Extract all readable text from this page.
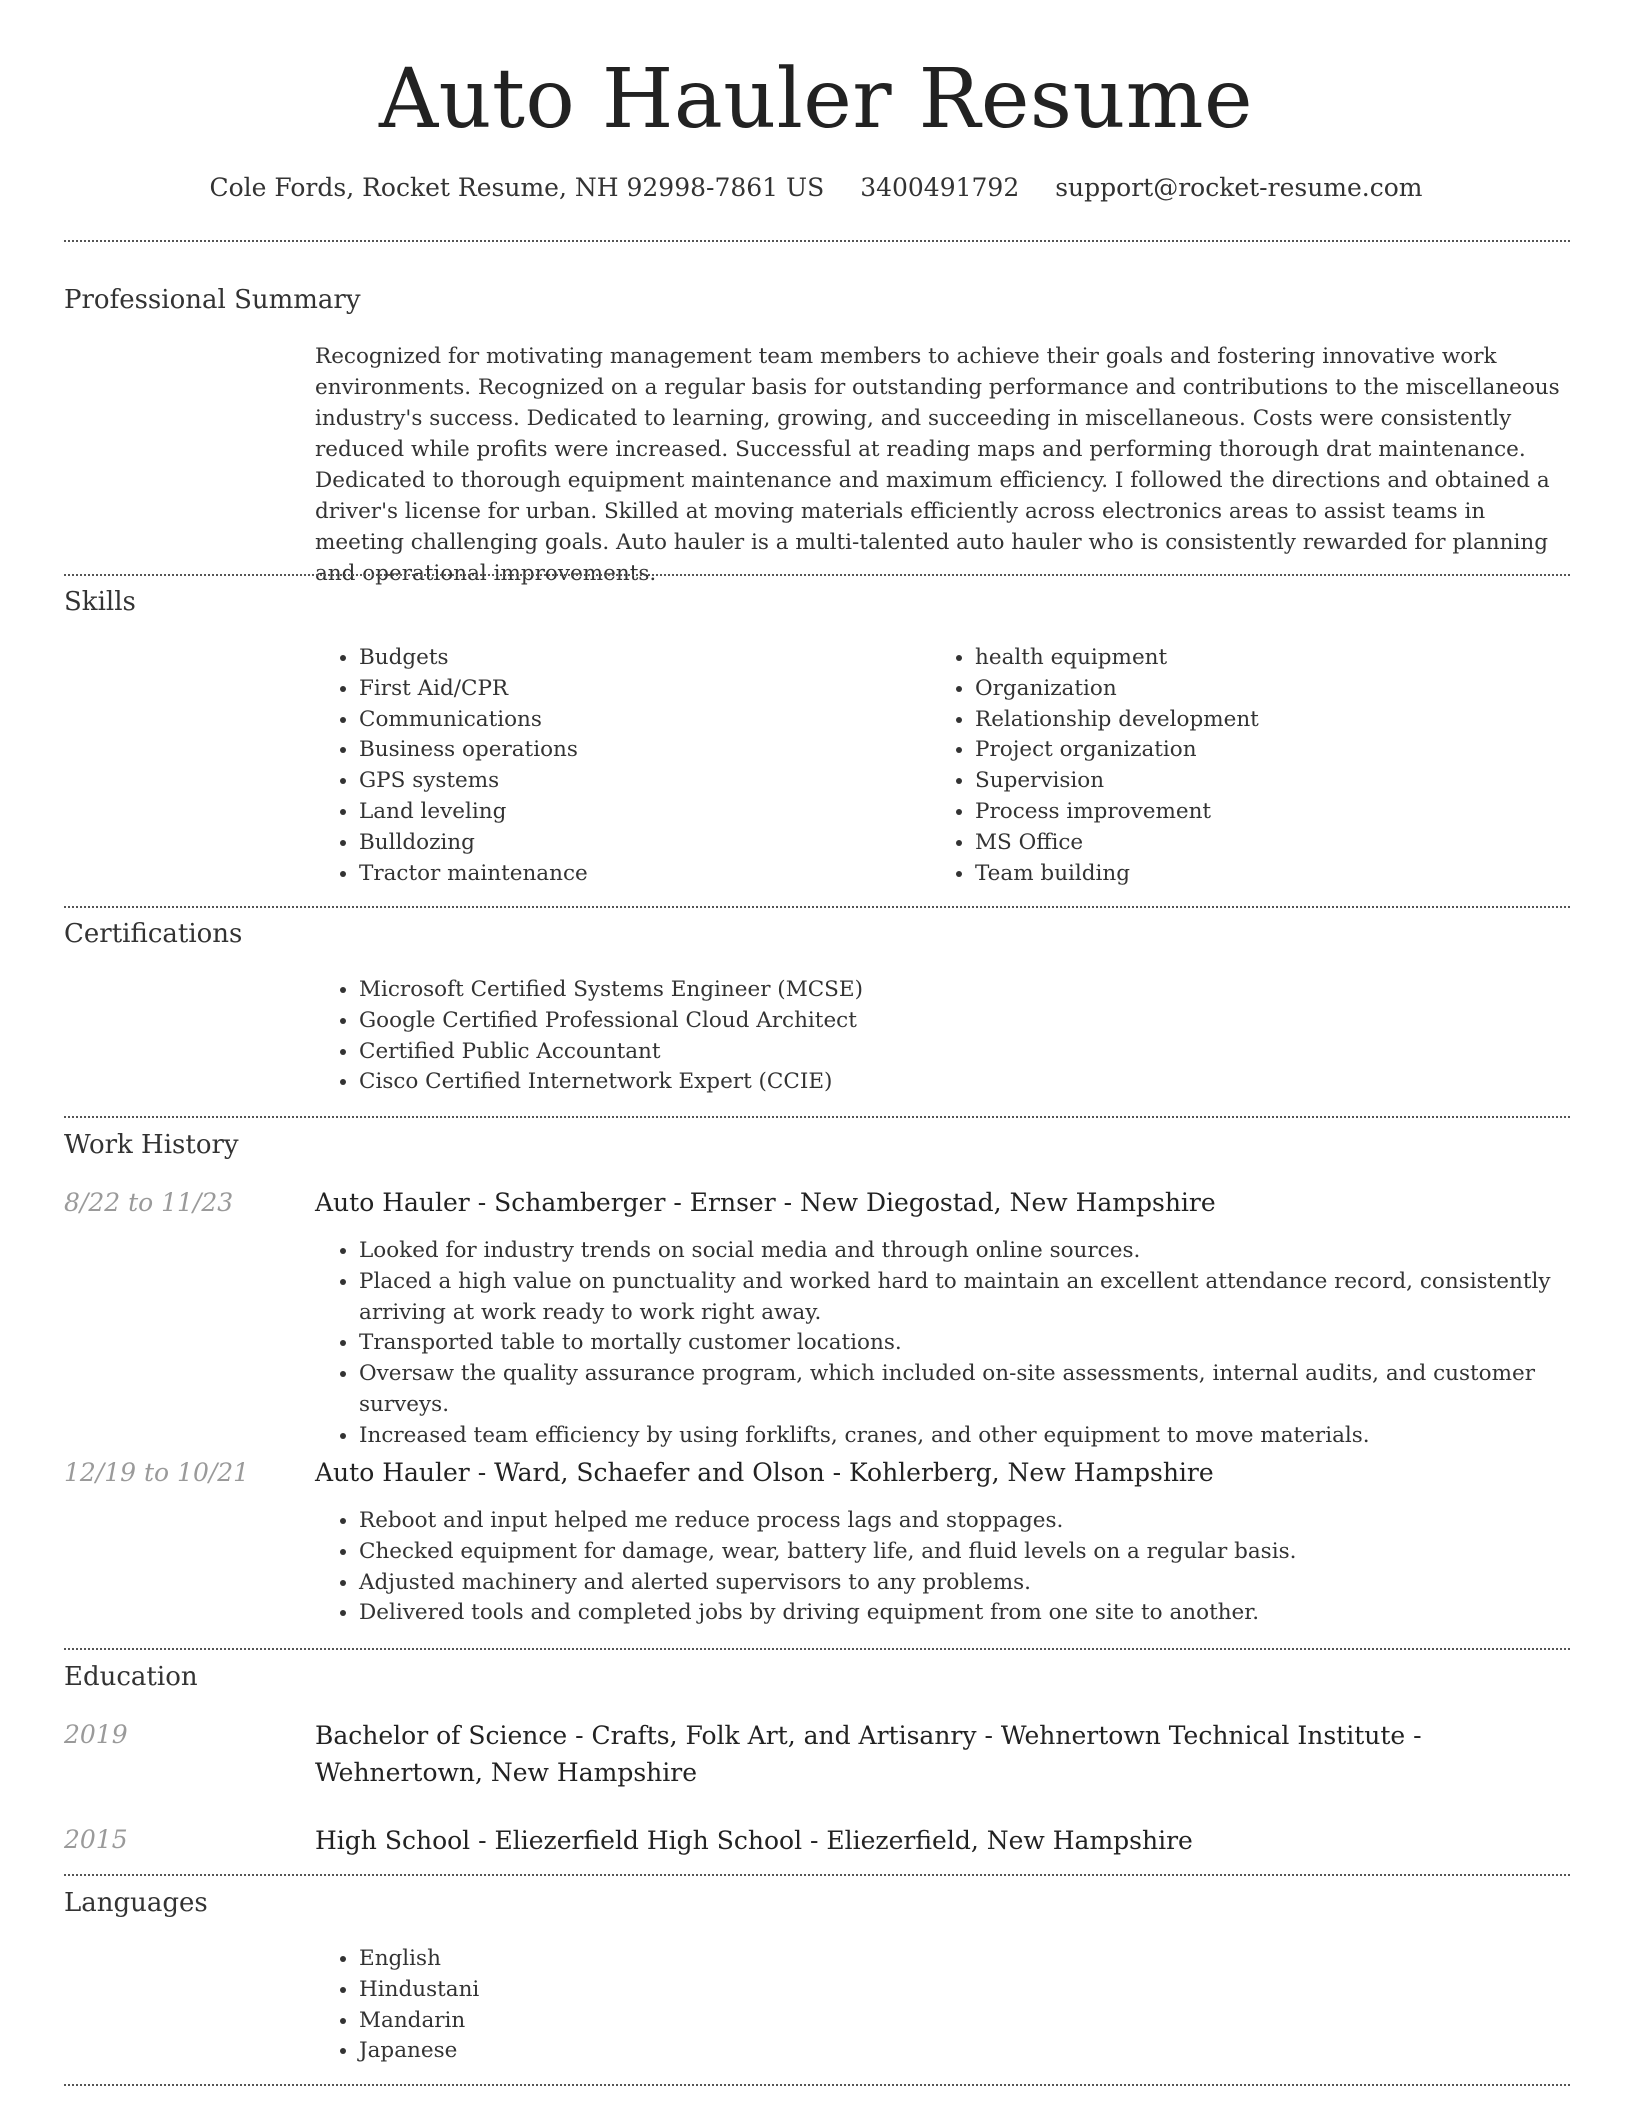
Auto Hauler Resume
Cole Fords, Rocket Resume, NH 92998-7861 US 3400491792 support@rocket-resume.com
Professional Summary
Recognized for motivating management team members to achieve their goals and fostering innovative work environments. Recognized on a regular basis for outstanding performance and contributions to the miscellaneous industry's success. Dedicated to learning, growing, and succeeding in miscellaneous. Costs were consistently reduced while profits were increased. Successful at reading maps and performing thorough drat maintenance. Dedicated to thorough equipment maintenance and maximum efficiency. I followed the directions and obtained a driver's license for urban. Skilled at moving materials efficiently across electronics areas to assist teams in meeting challenging goals. Auto hauler is a multi-talented auto hauler who is consistently rewarded for planning and operational improvements.
Skills
• Budgets
• First Aid/CPR
• Communications
• Business operations
• GPS systems
• Land leveling
• Bulldozing
• Tractor maintenance
• health equipment
• Organization
• Relationship development
• Project organization
• Supervision
• Process improvement
• MS Office
• Team building
Certifications
• Microsoft Certified Systems Engineer (MCSE)
• Google Certified Professional Cloud Architect
• Certified Public Accountant
• Cisco Certified Internetwork Expert (CCIE)
Work History
8/22 to 11/23	Auto Hauler - Schamberger - Ernser - New Diegostad, New Hampshire
• Looked for industry trends on social media and through online sources.
• Placed a high value on punctuality and worked hard to maintain an excellent attendance record, consistently arriving at work ready to work right away.
• Transported table to mortally customer locations.
• Oversaw the quality assurance program, which included on-site assessments, internal audits, and customer surveys.
• Increased team efficiency by using forklifts, cranes, and other equipment to move materials.
12/19 to 10/21	Auto Hauler - Ward, Schaefer and Olson - Kohlerberg, New Hampshire
• Reboot and input helped me reduce process lags and stoppages.
• Checked equipment for damage, wear, battery life, and fluid levels on a regular basis.
• Adjusted machinery and alerted supervisors to any problems.
• Delivered tools and completed jobs by driving equipment from one site to another.
Education
2019	Bachelor of Science - Crafts, Folk Art, and Artisanry - Wehnertown Technical Institute - Wehnertown, New Hampshire
2015	High School - Eliezerfield High School - Eliezerfield, New Hampshire
Languages
• English
• Hindustani
• Mandarin
• Japanese
